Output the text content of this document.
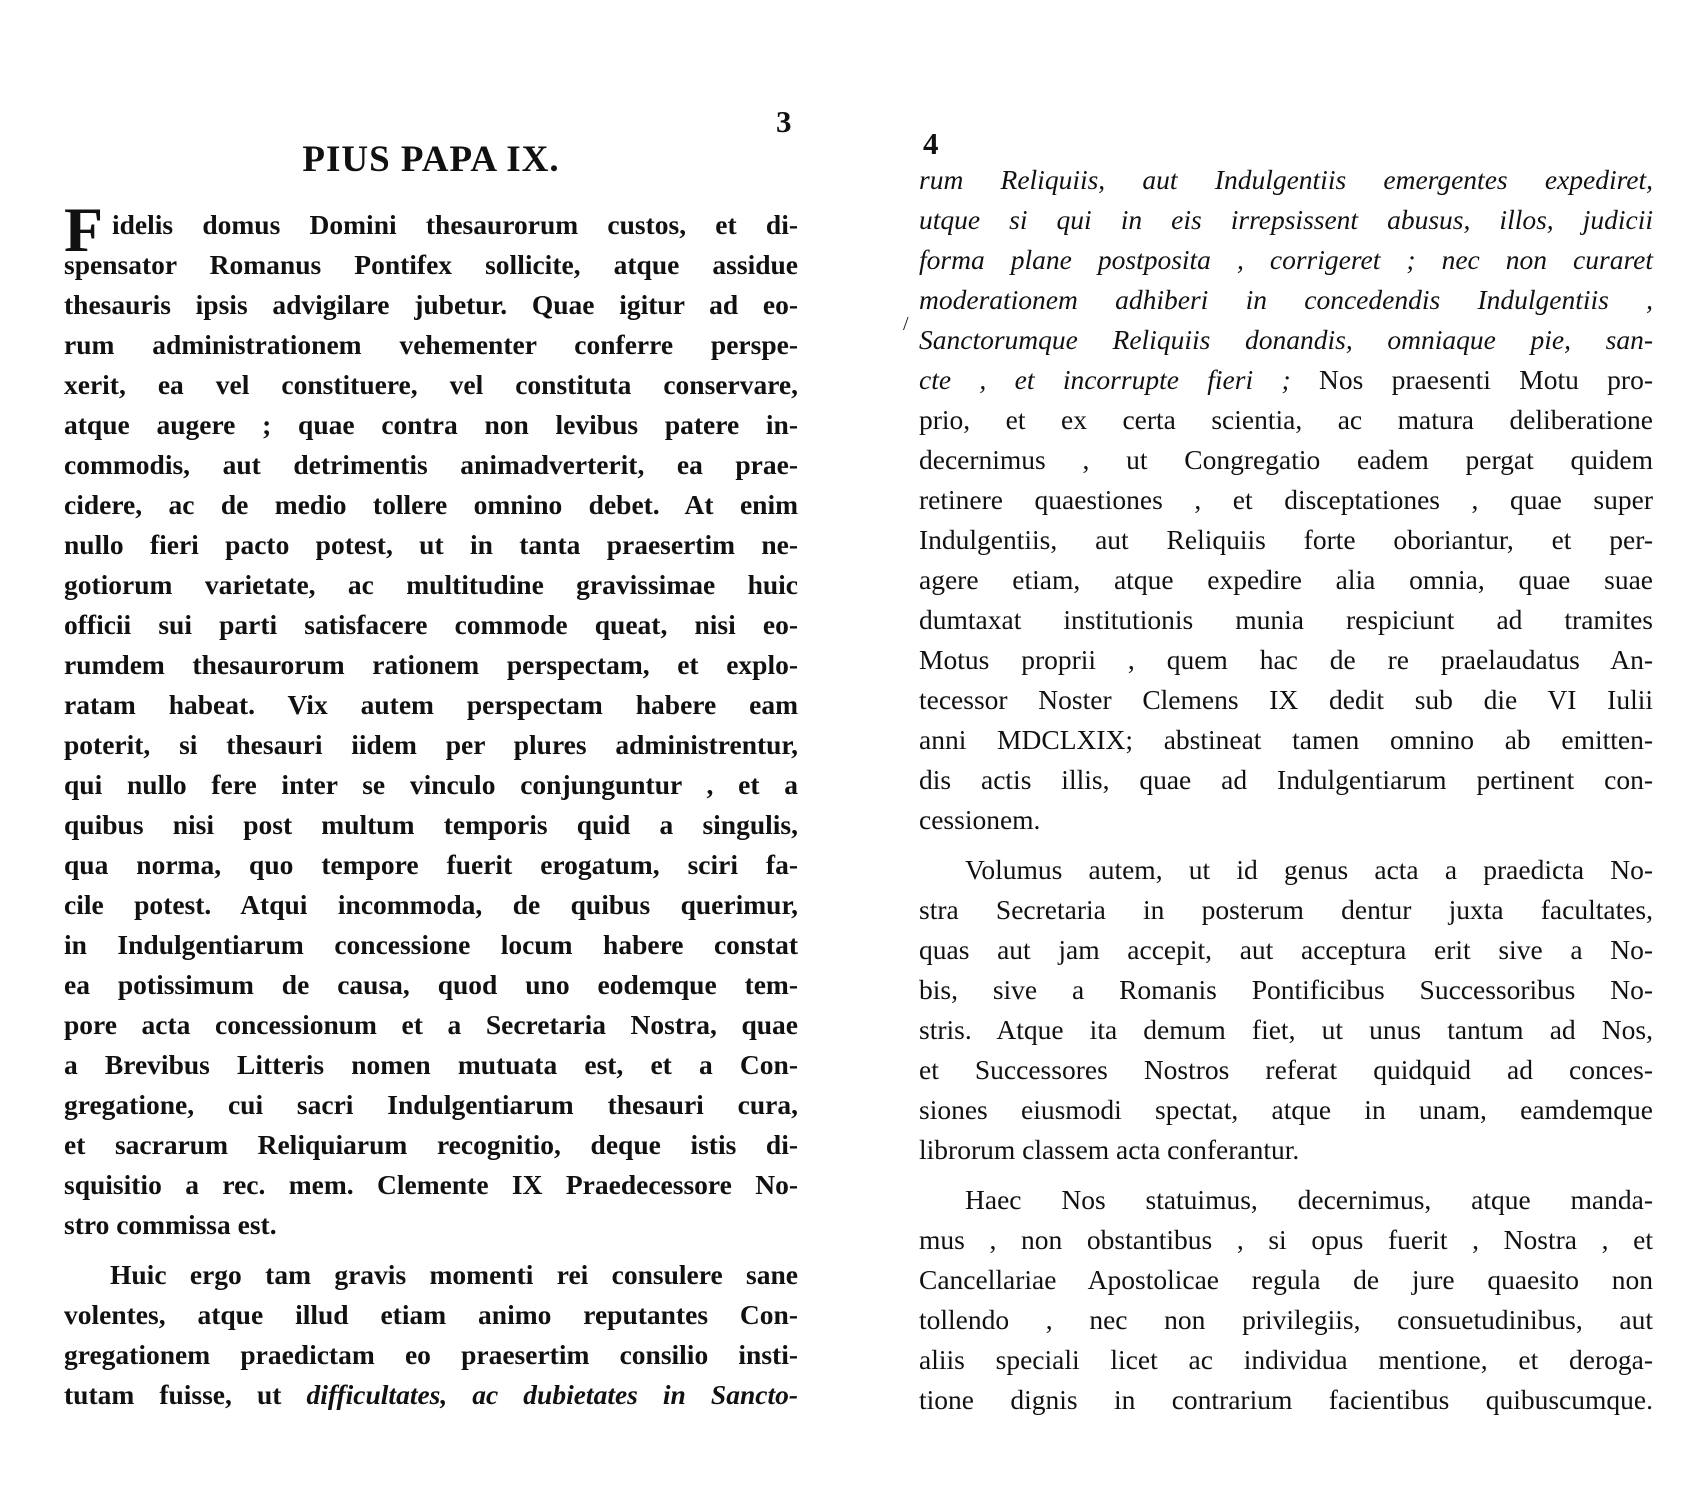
3

PIUS PAPA IX.
F idelis domus Domini thesaurorum custos, et di-

spensator Romanus Pontifex sollicite, atque assidue

thesauris ipsis advigilare jubetur. Quae igitur ad eo-

rum administrationem vehementer conferre perspe-

xerit, ea vel constituere, vel constituta conservare,

atque augere ; quae contra non levibus patere in-

commodis, aut detrimentis animadverterit, ea prae-

cidere, ac de medio tollere omnino debet. At enim

nullo fieri pacto potest, ut in tanta praesertim ne-

gotiorum varietate, ac multitudine gravissimae huic

officii sui parti satisfacere commode queat, nisi eo-

rumdem thesaurorum rationem perspectam, et explo-

ratam habeat. Vix autem perspectam habere eam

poterit, si thesauri iidem per plures administrentur,

qui nullo fere inter se vinculo conjunguntur , et a

quibus nisi post multum temporis quid a singulis,

qua norma, quo tempore fuerit erogatum, sciri fa-

cile potest. Atqui incommoda, de quibus querimur,

in Indulgentiarum concessione locum habere constat

ea potissimum de causa, quod uno eodemque tem-

pore acta concessionum et a Secretaria Nostra, quae

a Brevibus Litteris nomen mutuata est, et a Con-

gregatione, cui sacri Indulgentiarum thesauri cura,

et sacrarum Reliquiarum recognitio, deque istis di-

squisitio a rec. mem. Clemente IX Praedecessore No-

stro commissa est.

Huic ergo tam gravis momenti rei consulere sane

volentes, atque illud etiam animo reputantes Con-

gregationem praedictam eo praesertim consilio insti-

tutam fuisse, ut difficultates, ac dubietates in Sancto-

4

rum Reliquiis, aut Indulgentiis emergentes expediret,

utque si qui in eis irrepsissent abusus, illos, judicii

forma plane postposita , corrigeret ; nec non curaret

moderationem adhiberi in concedendis Indulgentiis ,

Sanctorumque Reliquiis donandis, omniaque pie, san-

cte , et incorrupte fieri ; Nos praesenti Motu pro-

prio, et ex certa scientia, ac matura deliberatione

decernimus , ut Congregatio eadem pergat quidem

retinere quaestiones , et disceptationes , quae super

Indulgentiis, aut Reliquiis forte oboriantur, et per-

agere etiam, atque expedire alia omnia, quae suae

dumtaxat institutionis munia respiciunt ad tramites

Motus proprii , quem hac de re praelaudatus An-

tecessor Noster Clemens IX dedit sub die VI Iulii

anni MDCLXIX; abstineat tamen omnino ab emitten-

dis actis illis, quae ad Indulgentiarum pertinent con-

cessionem.

Volumus autem, ut id genus acta a praedicta No-

stra Secretaria in posterum dentur juxta facultates,

quas aut jam accepit, aut acceptura erit sive a No-

bis, sive a Romanis Pontificibus Successoribus No-

stris. Atque ita demum fiet, ut unus tantum ad Nos,

et Successores Nostros referat quidquid ad conces-

siones eiusmodi spectat, atque in unam, eamdemque

librorum classem acta conferantur.

Haec Nos statuimus, decernimus, atque manda-

mus , non obstantibus , si opus fuerit , Nostra , et

Cancellariae Apostolicae regula de jure quaesito non

tollendo , nec non privilegiis, consuetudinibus, aut

aliis speciali licet ac individua mentione, et deroga-

tione dignis in contrarium facientibus quibuscumque.

/
